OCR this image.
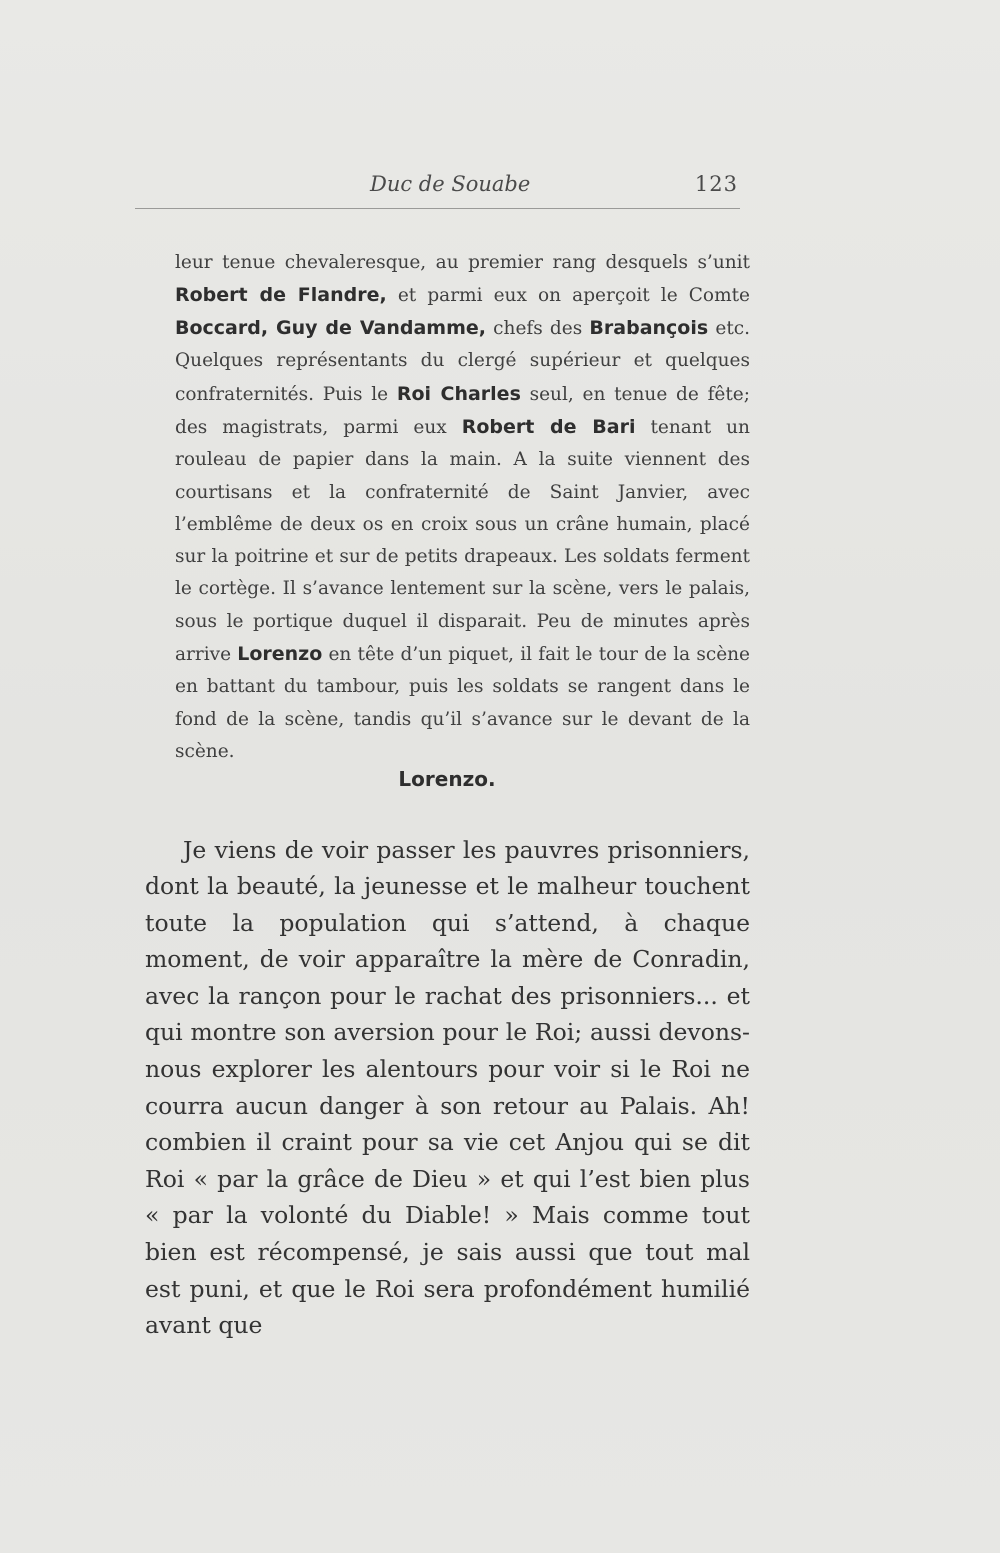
Duc de Souabe	123

leur tenue chevaleresque, au premier rang desquels s’unit Robert de Flandre, et parmi eux on aperçoit le Comte Boccard, Guy de Vandamme, chefs des Brabançois etc. Quelques représentants du clergé supérieur et quelques confraternités. Puis le Roi Charles seul, en tenue de fête; des magistrats, parmi eux Robert de Bari tenant un rouleau de papier dans la main. A la suite viennent des courtisans et la confraternité de Saint Janvier, avec l’emblême de deux os en croix sous un crâne humain, placé sur la poitrine et sur de petits drapeaux. Les soldats ferment le cortège. Il s’avance lentement sur la scène, vers le palais, sous le portique duquel il disparait. Peu de minutes après arrive Lorenzo en tête d’un piquet, il fait le tour de la scène en battant du tambour, puis les soldats se rangent dans le fond de la scène, tandis qu’il s’avance sur le devant de la scène.

Lorenzo.

Je viens de voir passer les pauvres prisonniers, dont la beauté, la jeunesse et le malheur touchent toute la population qui s’attend, à chaque moment, de voir apparaître la mère de Conradin, avec la rançon pour le rachat des prisonniers... et qui montre son aversion pour le Roi; aussi devons-nous explorer les alentours pour voir si le Roi ne courra aucun danger à son retour au Palais. Ah! combien il craint pour sa vie cet Anjou qui se dit Roi « par la grâce de Dieu » et qui l’est bien plus « par la volonté du Diable! » Mais comme tout bien est récompensé, je sais aussi que tout mal est puni, et que le Roi sera profondément humilié avant que
